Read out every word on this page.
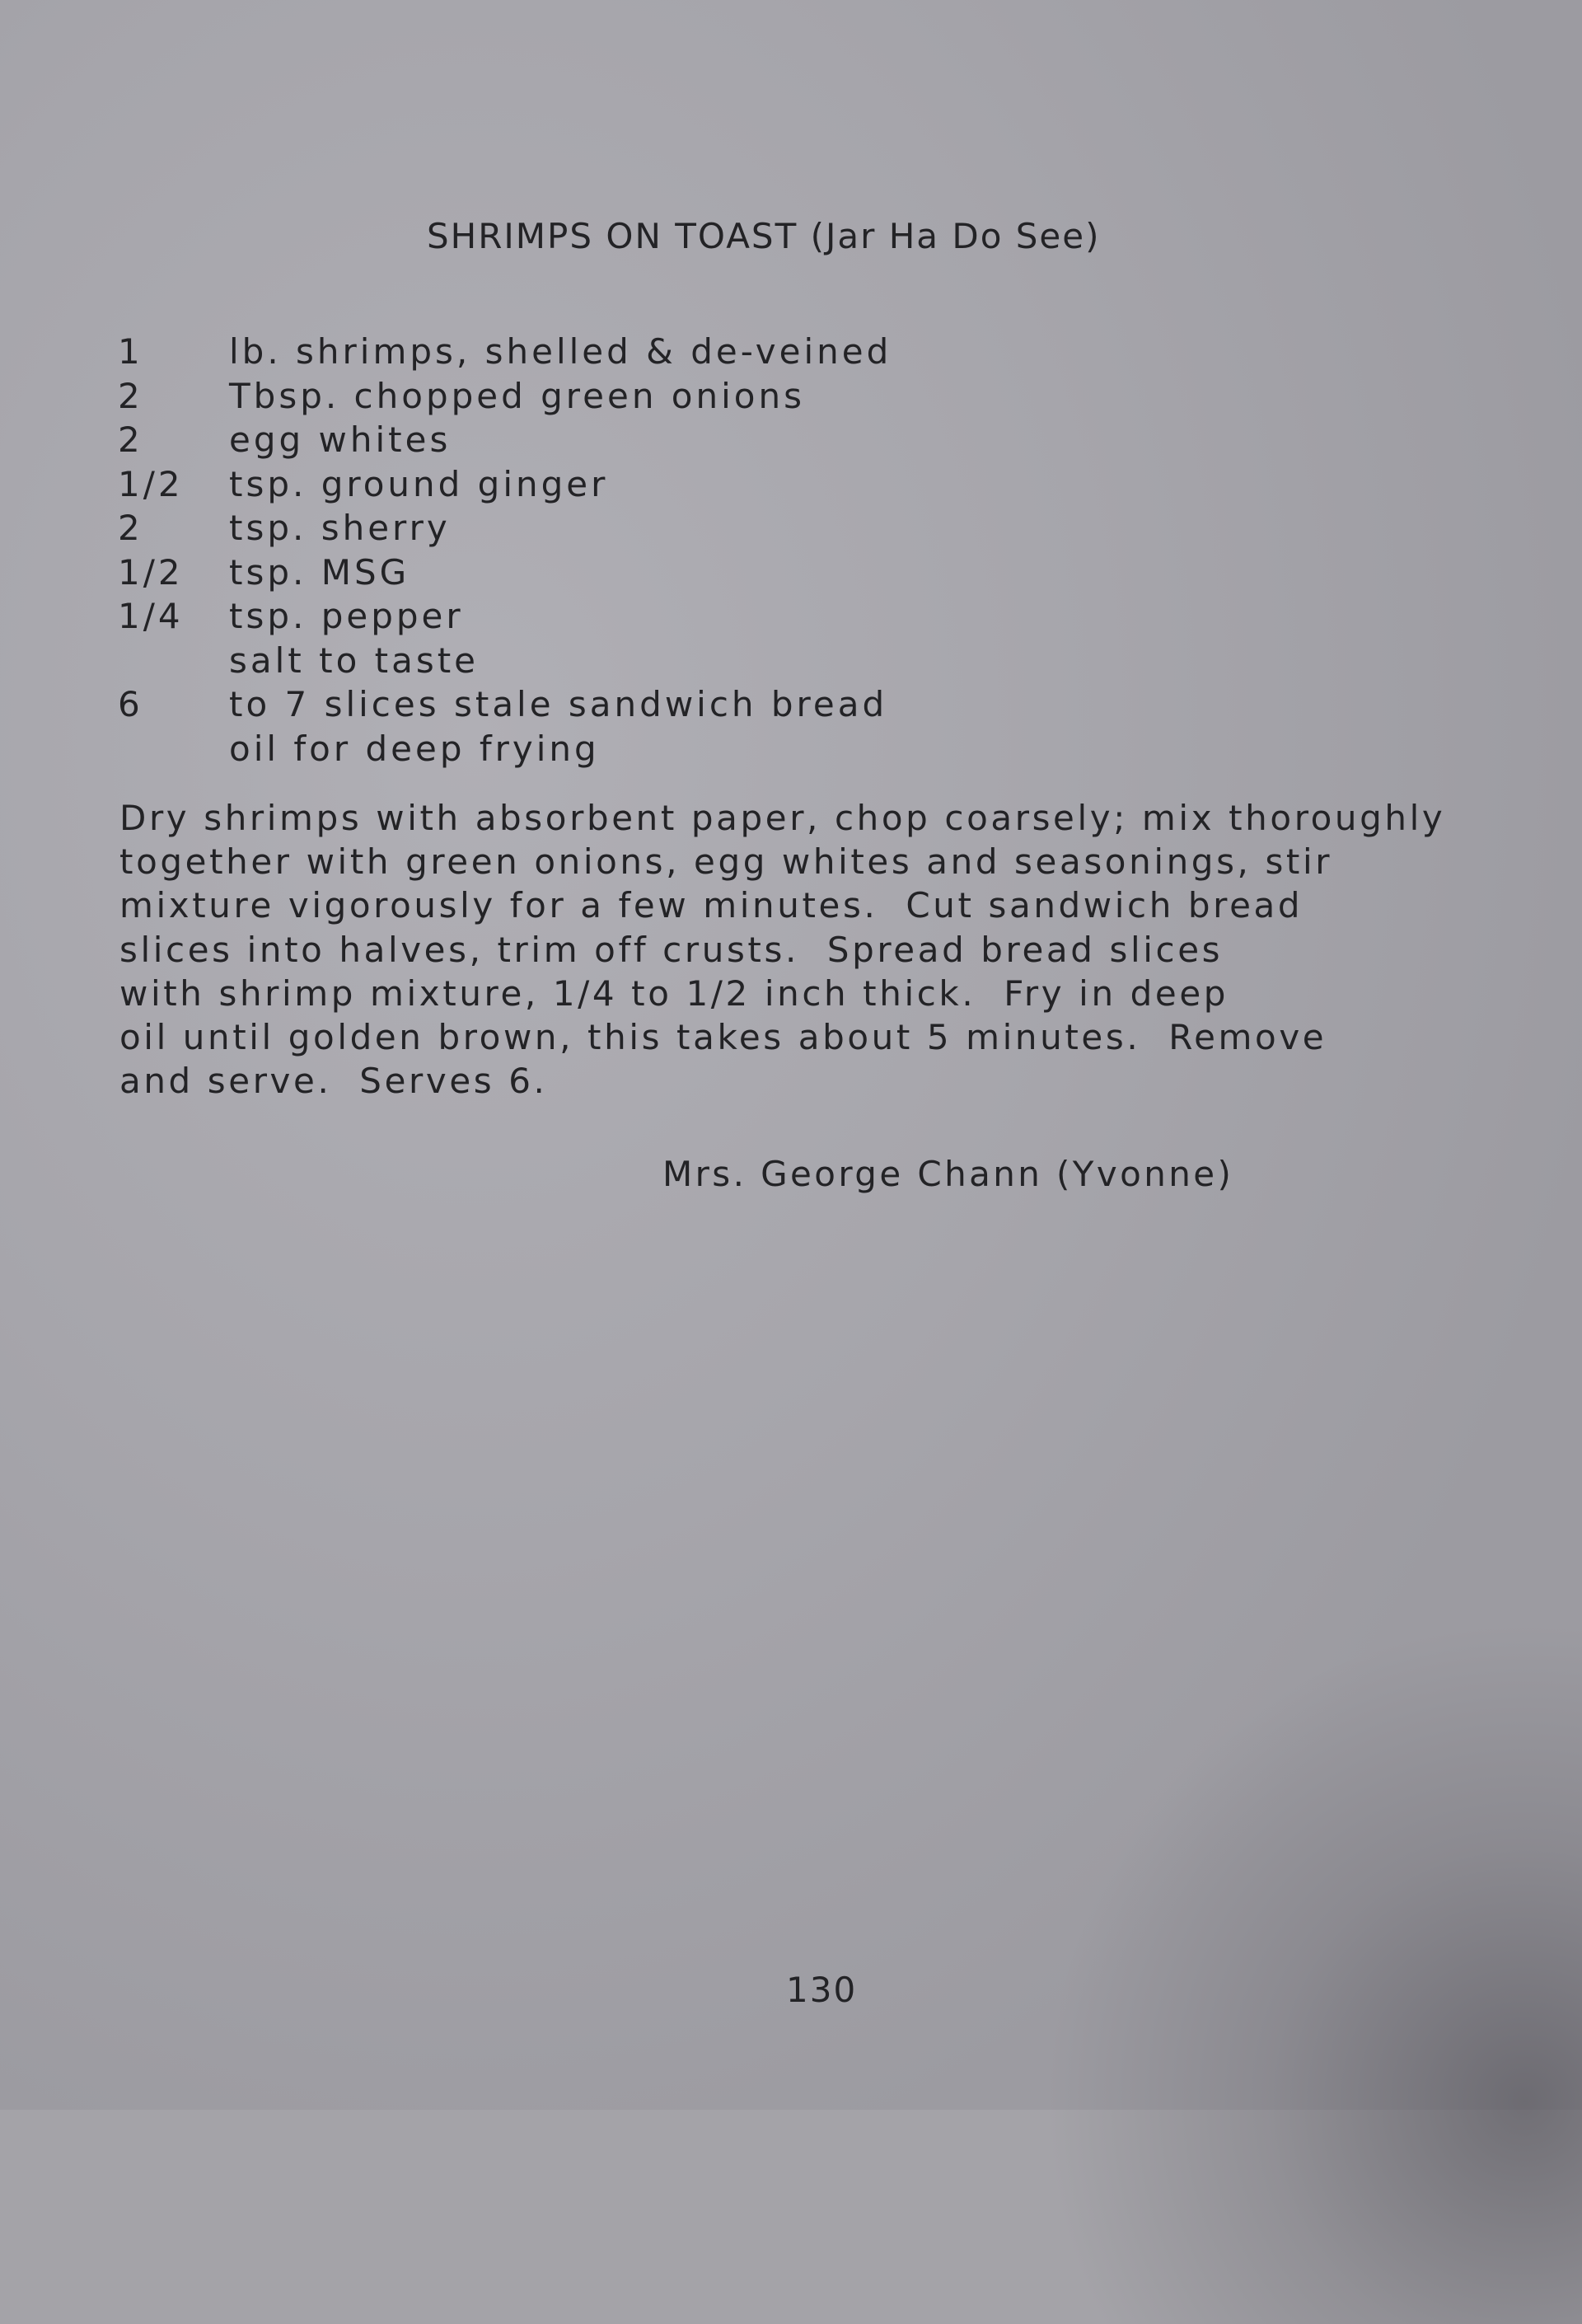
SHRIMPS ON TOAST (Jar Ha Do See)
1	lb. shrimps, shelled & de-veined
2	Tbsp. chopped green onions
2	egg whites
1/2	tsp. ground ginger
2	tsp. sherry
1/2	tsp. MSG
1/4	tsp. pepper
salt to taste
6	to 7 slices stale sandwich bread
oil for deep frying
Dry shrimps with absorbent paper, chop coarsely; mix thoroughly
together with green onions, egg whites and seasonings, stir
mixture vigorously for a few minutes.  Cut sandwich bread
slices into halves, trim off crusts.  Spread bread slices
with shrimp mixture, 1/4 to 1/2 inch thick.  Fry in deep
oil until golden brown, this takes about 5 minutes.  Remove
and serve.  Serves 6.
Mrs. George Chann (Yvonne)
130
